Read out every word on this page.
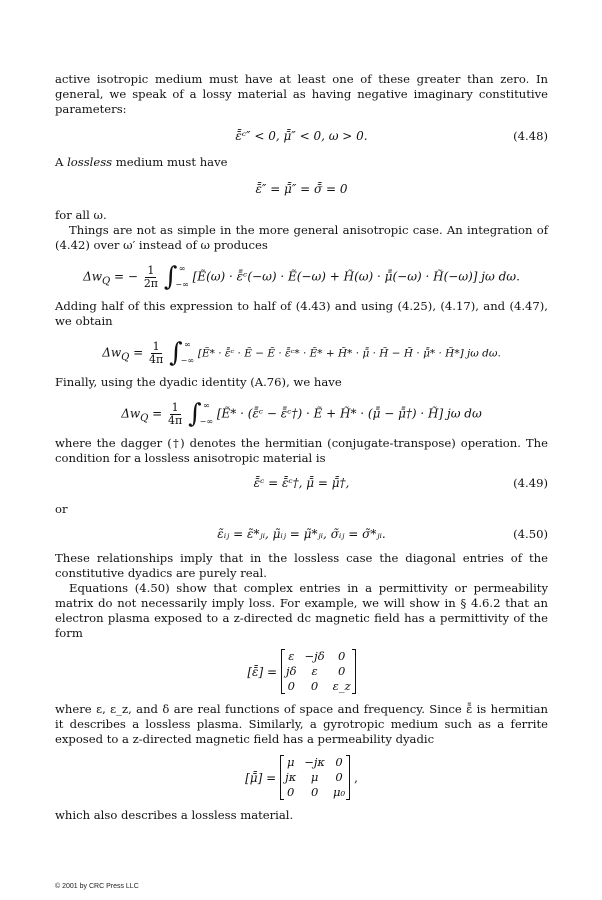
active isotropic medium must have at least one of these greater than zero. In general, we speak of a lossy material as having negative imaginary constitutive parameters:

ε̄̄ᶜ″ < 0, μ̄̄″ < 0, ω > 0.	(4.48)

A lossless medium must have

ε̄̄″ = μ̄̄″ = σ̄̄ = 0

for all ω.

Things are not as simple in the more general anisotropic case. An integration of (4.42) over ω′ instead of ω produces

$\Delta w_Q$ = − $\frac{1}{2\pi}$
∫ ∞
−∞
[Ẽ(ω) · ε̄̄ᶜ(−ω) · Ẽ(−ω) + H̃(ω) · μ̄̄(−ω) · H̃(−ω)] jω dω.

Adding half of this expression to half of (4.43) and using (4.25), (4.17), and (4.47), we obtain

$\Delta w_Q = \frac{1}{4\pi}$
∫ ∞
−∞
[Ẽ* · ε̄̄ᶜ · Ẽ − Ẽ · ε̄̄ᶜ* · Ẽ* + H̃* · μ̄̄ · H̃ − H̃ · μ̄̄* · H̃*] jω dω.

Finally, using the dyadic identity (A.76), we have

$\Delta w_Q = \frac{1}{4\pi}$
∫ ∞
−∞
[Ẽ* · (ε̄̄ᶜ − ε̄̄ᶜ†) · Ẽ + H̃* · (μ̄̄ − μ̄̄†) · H̃] jω dω

where the dagger (†) denotes the hermitian (conjugate-transpose) operation. The condition for a lossless anisotropic material is

ε̄̄ᶜ = ε̄̄ᶜ†, μ̄̄ = μ̄̄†,	(4.49)

or

ε̃ᵢⱼ = ε̃*ⱼᵢ, μ̃ᵢⱼ = μ̃*ⱼᵢ, σ̃ᵢⱼ = σ̃*ⱼᵢ.	(4.50)

These relationships imply that in the lossless case the diagonal entries of the constitutive dyadics are purely real.

Equations (4.50) show that complex entries in a permittivity or permeability matrix do not necessarily imply loss. For example, we will show in § 4.6.2 that an electron plasma exposed to a z-directed dc magnetic field has a permittivity of the form

[ε̄̄] =
ε	−jδ	0
jδ	ε	0
0	0	ε_z

where ε, ε_z, and δ are real functions of space and frequency. Since ε̄̄ is hermitian it describes a lossless plasma. Similarly, a gyrotropic medium such as a ferrite exposed to a z-directed magnetic field has a permeability dyadic

[μ̄̄] =
μ	−jκ	0
jκ	μ	0
0	0	μ₀
,

which also describes a lossless material.

© 2001 by CRC Press LLC
